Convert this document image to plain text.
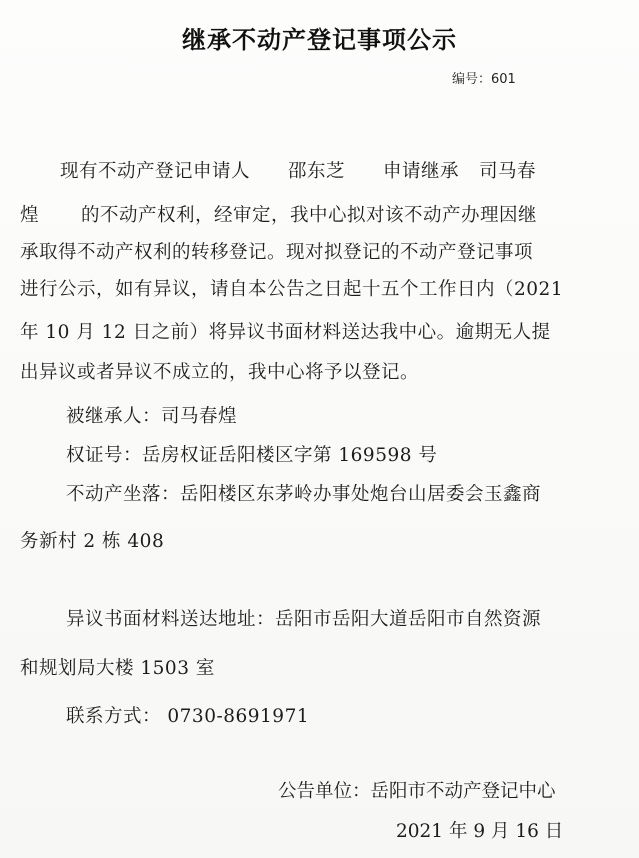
继承不动产登记事项公示
编号：601
现有不动产登记申请人 邵东芝 申请继承 司马春
煌 的不动产权利，经审定，我中心拟对该不动产办理因继
承取得不动产权利的转移登记。现对拟登记的不动产登记事项
进行公示，如有异议，请自本公告之日起十五个工作日内（2021
年 10 月 12 日之前）将异议书面材料送达我中心。逾期无人提
出异议或者异议不成立的，我中心将予以登记。
被继承人：司马春煌
权证号：岳房权证岳阳楼区字第 169598 号
不动产坐落：岳阳楼区东茅岭办事处炮台山居委会玉鑫商
务新村 2 栋 408
异议书面材料送达地址：岳阳市岳阳大道岳阳市自然资源
和规划局大楼 1503 室
联系方式： 0730-8691971
公告单位：岳阳市不动产登记中心
2021 年 9 月 16 日
